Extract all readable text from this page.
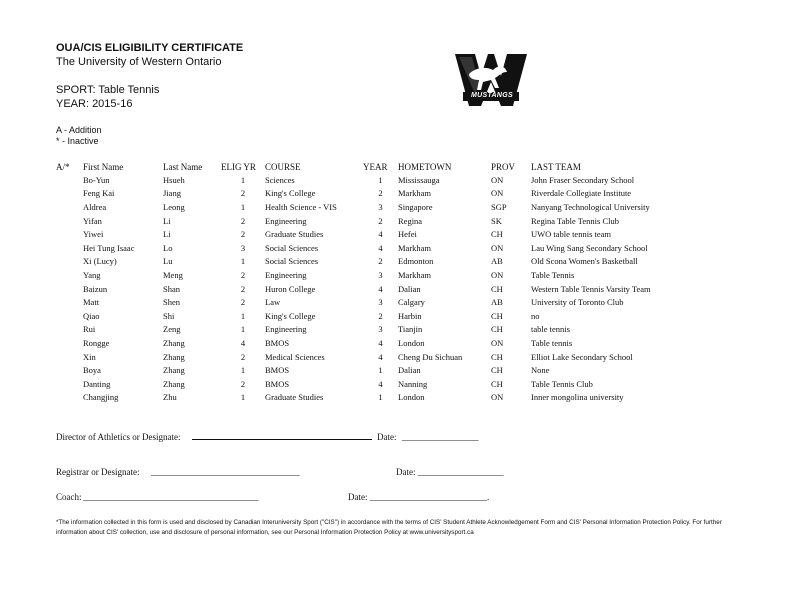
OUA/CIS ELIGIBILITY CERTIFICATE
The University of Western Ontario
SPORT: Table Tennis
YEAR: 2015-16
MUSTANGS
A - Addition
* - Inactive
A/*	First Name	Last Name	ELIG YR	COURSE	YEAR	HOMETOWN	PROV	LAST TEAM
	Bo-Yun	Hsueh	1	Sciences	1	Mississauga	ON	John Fraser Secondary School
	Feng Kai	Jiang	2	King's College	2	Markham	ON	Riverdale Collegiate Institute
	Aldrea	Leong	1	Health Science - VIS	3	Singapore	SGP	Nanyang Technological University
	Yifan	Li	2	Engineering	2	Regina	SK	Regina Table Tennis Club
	Yiwei	Li	2	Graduate Studies	4	Hefei	CH	UWO table tennis team
	Hei Tung Isaac	Lo	3	Social Sciences	4	Markham	ON	Lau Wing Sang Secondary School
	Xi (Lucy)	Lu	1	Social Sciences	2	Edmonton	AB	Old Scona Women's Basketball
	Yang	Meng	2	Engineering	3	Markham	ON	Table Tennis
	Baizun	Shan	2	Huron College	4	Dalian	CH	Western Table Tennis Varsity Team
	Matt	Shen	2	Law	3	Calgary	AB	University of Toronto Club
	Qiao	Shi	1	King's College	2	Harbin	CH	no
	Rui	Zeng	1	Engineering	3	Tianjin	CH	table tennis
	Rongge	Zhang	4	BMOS	4	London	ON	Table tennis
	Xin	Zhang	2	Medical Sciences	4	Cheng Du Sichuan	CH	Elliot Lake Secondary School
	Boya	Zhang	1	BMOS	1	Dalian	CH	None
	Danting	Zhang	2	BMOS	4	Nanning	CH	Table Tennis Club
	Changjing	Zhu	1	Graduate Studies	1	London	ON	Inner mongolina university
Director of Athletics or Designate:	Date: _________________
Registrar or Designate: _________________________________	Date: ___________________
Coach: _______________________________________	Date: __________________________.
*The information collected in this form is used and disclosed by Canadian Interuniversity Sport ("CIS") in accordance with the terms of CIS' Student Athlete Acknowledgement Form and CIS' Personal Information Protection Policy. For further information about CIS' collection, use and disclosure of personal information, see our Personal Information Protection Policy at www.universitysport.ca
